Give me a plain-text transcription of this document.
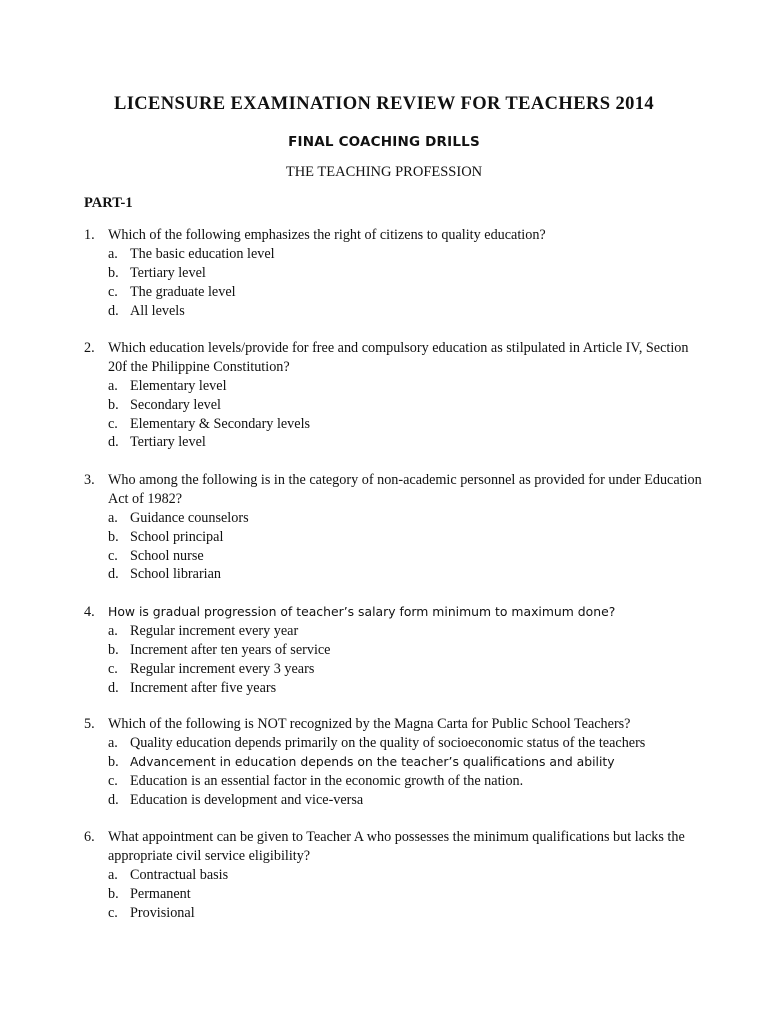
LICENSURE EXAMINATION REVIEW FOR TEACHERS 2014
FINAL COACHING DRILLS
THE TEACHING PROFESSION
PART-1
1. Which of the following emphasizes the right of citizens to quality education?
a. The basic education level
b. Tertiary level
c. The graduate level
d. All levels
2. Which education levels/provide for free and compulsory education as stilpulated in Article IV, Section 20f the Philippine Constitution?
a. Elementary level
b. Secondary level
c. Elementary & Secondary levels
d. Tertiary level
3. Who among the following is in the category of non-academic personnel as provided for under Education Act of 1982?
a. Guidance counselors
b. School principal
c. School nurse
d. School librarian
4.	How is gradual progression of teacher’s salary form minimum to maximum done?
a. Regular increment every year
b. Increment after ten years of service
c. Regular increment every 3 years
d. Increment after five years
5. Which of the following is NOT recognized by the Magna Carta for Public School Teachers?
a. Quality education depends primarily on the quality of socioeconomic status of the teachers
b. Advancement in education depends on the teacher’s qualifications and ability
c. Education is an essential factor in the economic growth of the nation.
d. Education is development and vice-versa
6. What appointment can be given to Teacher A who possesses the minimum qualifications but lacks the appropriate civil service eligibility?
a. Contractual basis
b. Permanent
c. Provisional
